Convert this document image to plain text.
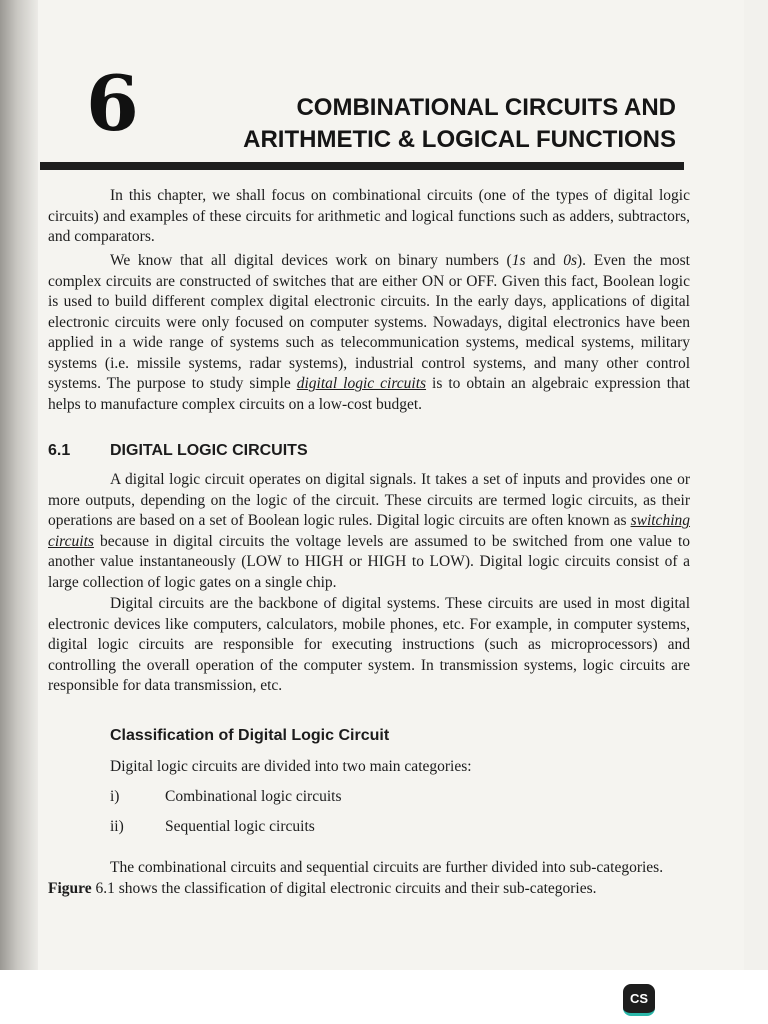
6	COMBINATIONAL CIRCUITS AND
ARITHMETIC & LOGICAL FUNCTIONS

In this chapter, we shall focus on combinational circuits (one of the types of digital logic circuits) and examples of these circuits for arithmetic and logical functions such as adders, subtractors, and comparators.

We know that all digital devices work on binary numbers (1s and 0s). Even the most complex circuits are constructed of switches that are either ON or OFF. Given this fact, Boolean logic is used to build different complex digital electronic circuits. In the early days, applications of digital electronic circuits were only focused on computer systems. Nowadays, digital electronics have been applied in a wide range of systems such as telecommunication systems, medical systems, military systems (i.e. missile systems, radar systems), industrial control systems, and many other control systems. The purpose to study simple digital logic circuits is to obtain an algebraic expression that helps to manufacture complex circuits on a low-cost budget.

6.1 DIGITAL LOGIC CIRCUITS

A digital logic circuit operates on digital signals. It takes a set of inputs and provides one or more outputs, depending on the logic of the circuit. These circuits are termed logic circuits, as their operations are based on a set of Boolean logic rules. Digital logic circuits are often known as switching circuits because in digital circuits the voltage levels are assumed to be switched from one value to another value instantaneously (LOW to HIGH or HIGH to LOW). Digital logic circuits consist of a large collection of logic gates on a single chip.

Digital circuits are the backbone of digital systems. These circuits are used in most digital electronic devices like computers, calculators, mobile phones, etc. For example, in computer systems, digital logic circuits are responsible for executing instructions (such as microprocessors) and controlling the overall operation of the computer system. In transmission systems, logic circuits are responsible for data transmission, etc.

Classification of Digital Logic Circuit
Digital logic circuits are divided into two main categories:
i)	Combinational logic circuits
ii)	Sequential logic circuits

The combinational circuits and sequential circuits are further divided into sub-categories.
Figure 6.1 shows the classification of digital electronic circuits and their sub-categories.

CS
